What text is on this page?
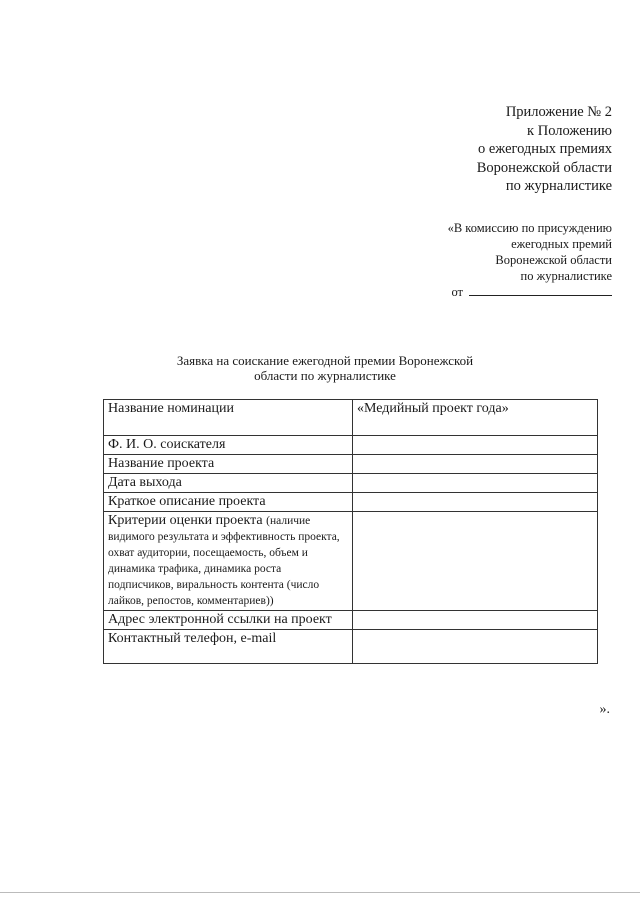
Приложение № 2
к Положению
о ежегодных премиях
Воронежской области
по журналистике
«В комиссию по присуждению
ежегодных премий
Воронежской области
по журналистике
от
Заявка на соискание ежегодной премии Воронежской
области по журналистике
Название номинации	«Медийный проект года»
Ф. И. О. соискателя	
Название проекта	
Дата выхода	
Краткое описание проекта	
Критерии оценки проекта (наличие видимого результата и эффективность проекта, охват аудитории, посещаемость, объем и динамика трафика, динамика роста подписчиков, виральность контента (число лайков, репостов, комментариев))	
Адрес электронной ссылки на проект	
Контактный телефон, e-mail	
».
